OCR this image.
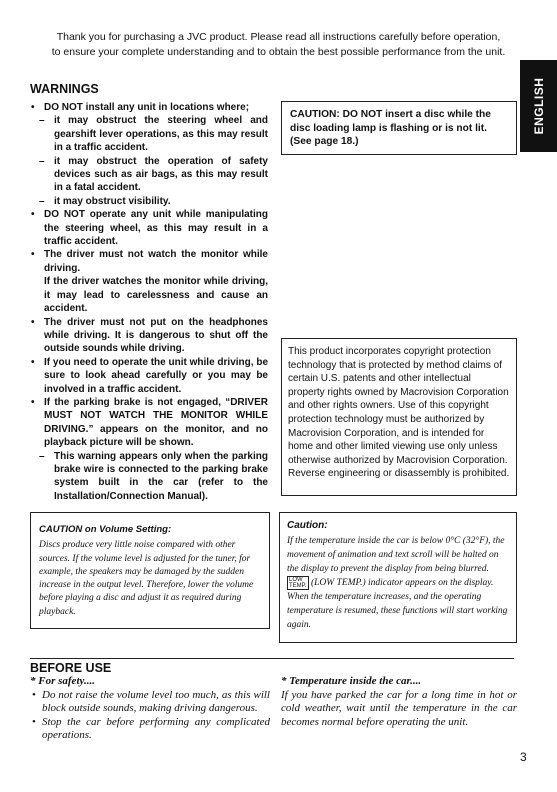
Thank you for purchasing a JVC product. Please read all instructions carefully before operation,
to ensure your complete understanding and to obtain the best possible performance from the unit.
ENGLISH
WARNINGS
• DO NOT install any unit in locations where;
– it may obstruct the steering wheel and gearshift lever operations, as this may result in a traffic accident.
– it may obstruct the operation of safety devices such as air bags, as this may result in a fatal accident.
– it may obstruct visibility.
• DO NOT operate any unit while manipulating the steering wheel, as this may result in a traffic accident.
• The driver must not watch the monitor while driving.
If the driver watches the monitor while driving, it may lead to carelessness and cause an accident.
• The driver must not put on the headphones while driving. It is dangerous to shut off the outside sounds while driving.
• If you need to operate the unit while driving, be sure to look ahead carefully or you may be involved in a traffic accident.
• If the parking brake is not engaged, “DRIVER MUST NOT WATCH THE MONITOR WHILE DRIVING.” appears on the monitor, and no playback picture will be shown.
– This warning appears only when the parking brake wire is connected to the parking brake system built in the car (refer to the Installation/Connection Manual).
CAUTION: DO NOT insert a disc while the disc loading lamp is flashing or is not lit. (See page 18.)
This product incorporates copyright protection technology that is protected by method claims of certain U.S. patents and other intellectual property rights owned by Macrovision Corporation and other rights owners. Use of this copyright protection technology must be authorized by Macrovision Corporation, and is intended for home and other limited viewing use only unless otherwise authorized by Macrovision Corporation. Reverse engineering or disassembly is prohibited.
CAUTION on Volume Setting:
Discs produce very little noise compared with other sources. If the volume level is adjusted for the tuner, for example, the speakers may be damaged by the sudden increase in the output level. Therefore, lower the volume before playing a disc and adjust it as required during playback.
Caution:
If the temperature inside the car is below 0°C (32°F), the movement of animation and text scroll will be halted on the display to prevent the display from being blurred. LOW
TEMP. (LOW TEMP.) indicator appears on the display.
When the temperature increases, and the operating temperature is resumed, these functions will start working again.
BEFORE USE
* For safety....
• Do not raise the volume level too much, as this will block outside sounds, making driving dangerous.
• Stop the car before performing any complicated operations.
* Temperature inside the car....
If you have parked the car for a long time in hot or cold weather, wait until the temperature in the car becomes normal before operating the unit.
3
